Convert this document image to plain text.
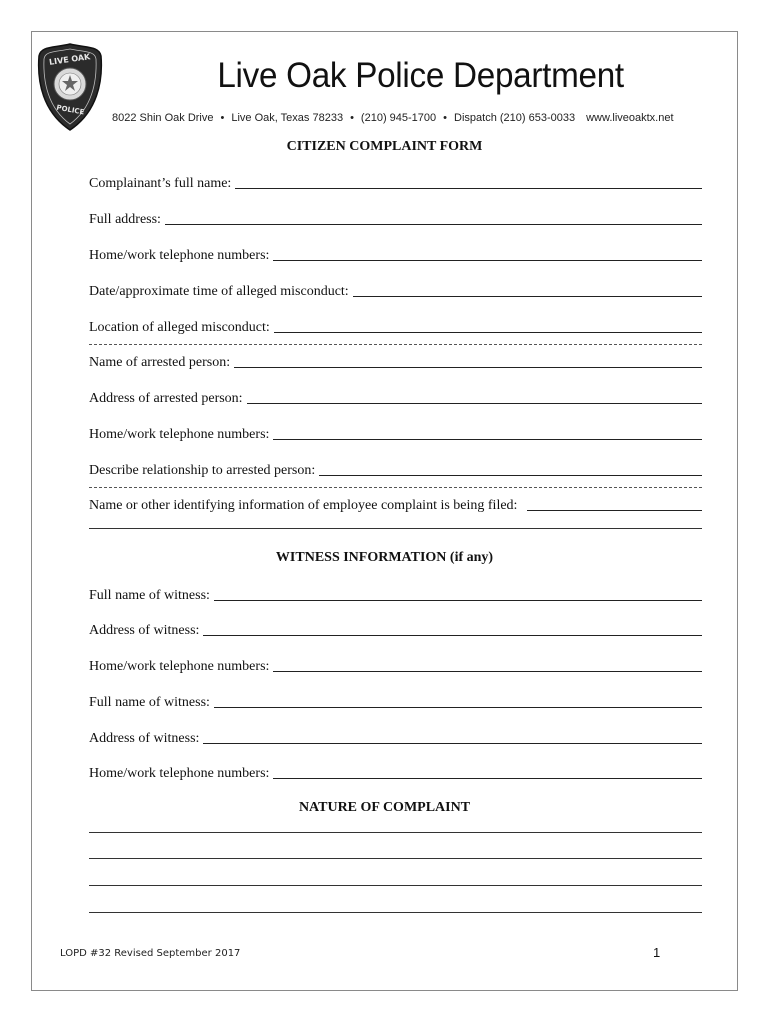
LIVE OAK
POLICE
Live Oak Police Department
8022 Shin Oak Drive • Live Oak, Texas 78233 • (210) 945-1700 • Dispatch (210) 653-0033 www.liveoaktx.net
CITIZEN COMPLAINT FORM
Complainant’s full name:
Full address:
Home/work telephone numbers:
Date/approximate time of alleged misconduct:
Location of alleged misconduct:
Name of arrested person:
Address of arrested person:
Home/work telephone numbers:
Describe relationship to arrested person:
Name or other identifying information of employee complaint is being filed:
WITNESS INFORMATION (if any)
Full name of witness:
Address of witness:
Home/work telephone numbers:
Full name of witness:
Address of witness:
Home/work telephone numbers:
NATURE OF COMPLAINT
LOPD #32 Revised September 2017	1
